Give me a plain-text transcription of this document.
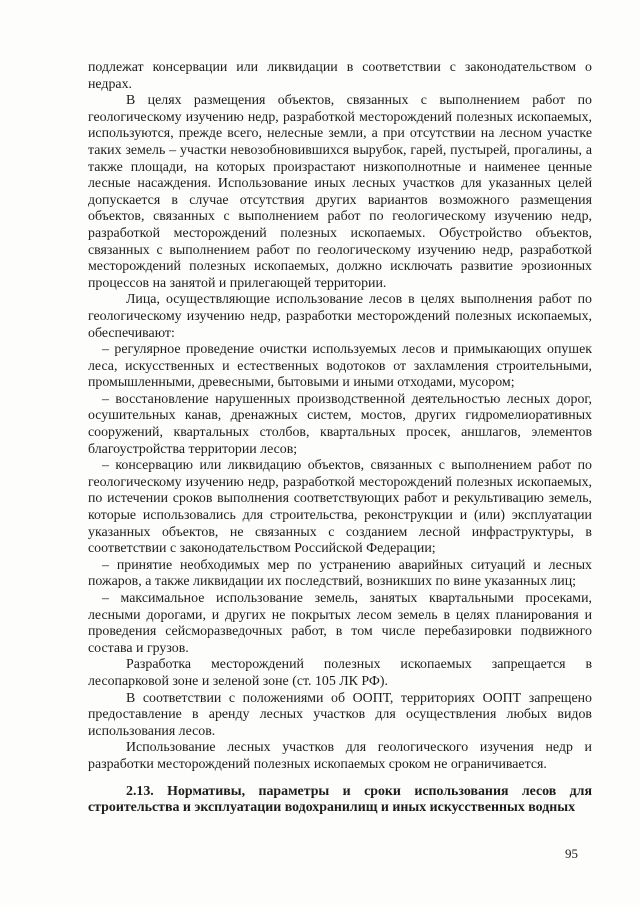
подлежат консервации или ликвидации в соответствии с законодательством о недрах.

В целях размещения объектов, связанных с выполнением работ по геологическому изучению недр, разработкой месторождений полезных ископаемых, используются, прежде всего, нелесные земли, а при отсутствии на лесном участке таких земель – участки невозобновившихся вырубок, гарей, пустырей, прогалины, а также площади, на которых произрастают низкополнотные и наименее ценные лесные насаждения. Использование иных лесных участков для указанных целей допускается в случае отсутствия других вариантов возможного размещения объектов, связанных с выполнением работ по геологическому изучению недр, разработкой месторождений полезных ископаемых. Обустройство объектов, связанных с выполнением работ по геологическому изучению недр, разработкой месторождений полезных ископаемых, должно исключать развитие эрозионных процессов на занятой и прилегающей территории.

Лица, осуществляющие использование лесов в целях выполнения работ по геологическому изучению недр, разработки месторождений полезных ископаемых, обеспечивают:

– регулярное проведение очистки используемых лесов и примыкающих опушек леса, искусственных и естественных водотоков от захламления строительными, промышленными, древесными, бытовыми и иными отходами, мусором;

– восстановление нарушенных производственной деятельностью лесных дорог, осушительных канав, дренажных систем, мостов, других гидромелиоративных сооружений, квартальных столбов, квартальных просек, аншлагов, элементов благоустройства территории лесов;

– консервацию или ликвидацию объектов, связанных с выполнением работ по геологическому изучению недр, разработкой месторождений полезных ископаемых, по истечении сроков выполнения соответствующих работ и рекультивацию земель, которые использовались для строительства, реконструкции и (или) эксплуатации указанных объектов, не связанных с созданием лесной инфраструктуры, в соответствии с законодательством Российской Федерации;

– принятие необходимых мер по устранению аварийных ситуаций и лесных пожаров, а также ликвидации их последствий, возникших по вине указанных лиц;

– максимальное использование земель, занятых квартальными просеками, лесными дорогами, и других не покрытых лесом земель в целях планирования и проведения сейсморазведочных работ, в том числе перебазировки подвижного состава и грузов.

Разработка месторождений полезных ископаемых запрещается в лесопарковой зоне и зеленой зоне (ст. 105 ЛК РФ).

В соответствии с положениями об ООПТ, территориях ООПТ запрещено предоставление в аренду лесных участков для осуществления любых видов использования лесов.

Использование лесных участков для геологического изучения недр и разработки месторождений полезных ископаемых сроком не ограничивается.

2.13. Нормативы, параметры и сроки использования лесов для строительства и эксплуатации водохранилищ и иных искусственных водных

95
